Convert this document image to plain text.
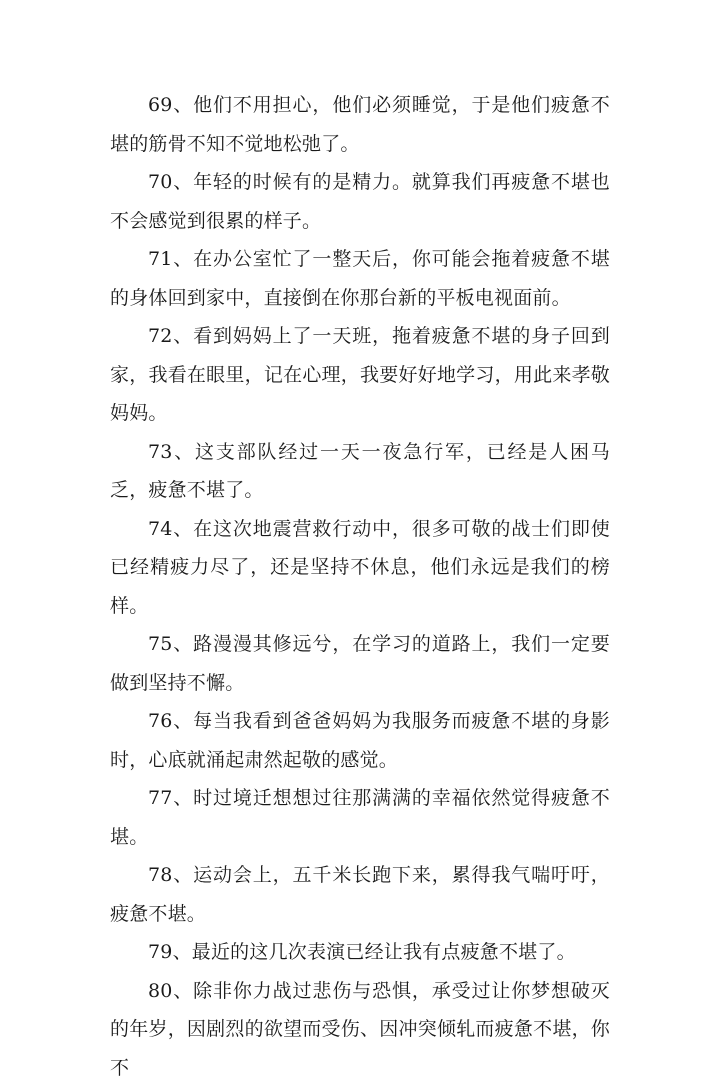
69、他们不用担心，他们必须睡觉，于是他们疲惫不堪的筋骨不知不觉地松弛了。

70、年轻的时候有的是精力。就算我们再疲惫不堪也不会感觉到很累的样子。

71、在办公室忙了一整天后，你可能会拖着疲惫不堪的身体回到家中，直接倒在你那台新的平板电视面前。

72、看到妈妈上了一天班，拖着疲惫不堪的身子回到家，我看在眼里，记在心理，我要好好地学习，用此来孝敬妈妈。

73、这支部队经过一天一夜急行军，已经是人困马乏，疲惫不堪了。

74、在这次地震营救行动中，很多可敬的战士们即使已经精疲力尽了，还是坚持不休息，他们永远是我们的榜样。

75、路漫漫其修远兮，在学习的道路上，我们一定要做到坚持不懈。

76、每当我看到爸爸妈妈为我服务而疲惫不堪的身影时，心底就涌起肃然起敬的感觉。

77、时过境迁想想过往那满满的幸福依然觉得疲惫不堪。

78、运动会上，五千米长跑下来，累得我气喘吁吁，疲惫不堪。

79、最近的这几次表演已经让我有点疲惫不堪了。

80、除非你力战过悲伤与恐惧，承受过让你梦想破灭的年岁，因剧烈的欲望而受伤、因冲突倾轧而疲惫不堪，你不
